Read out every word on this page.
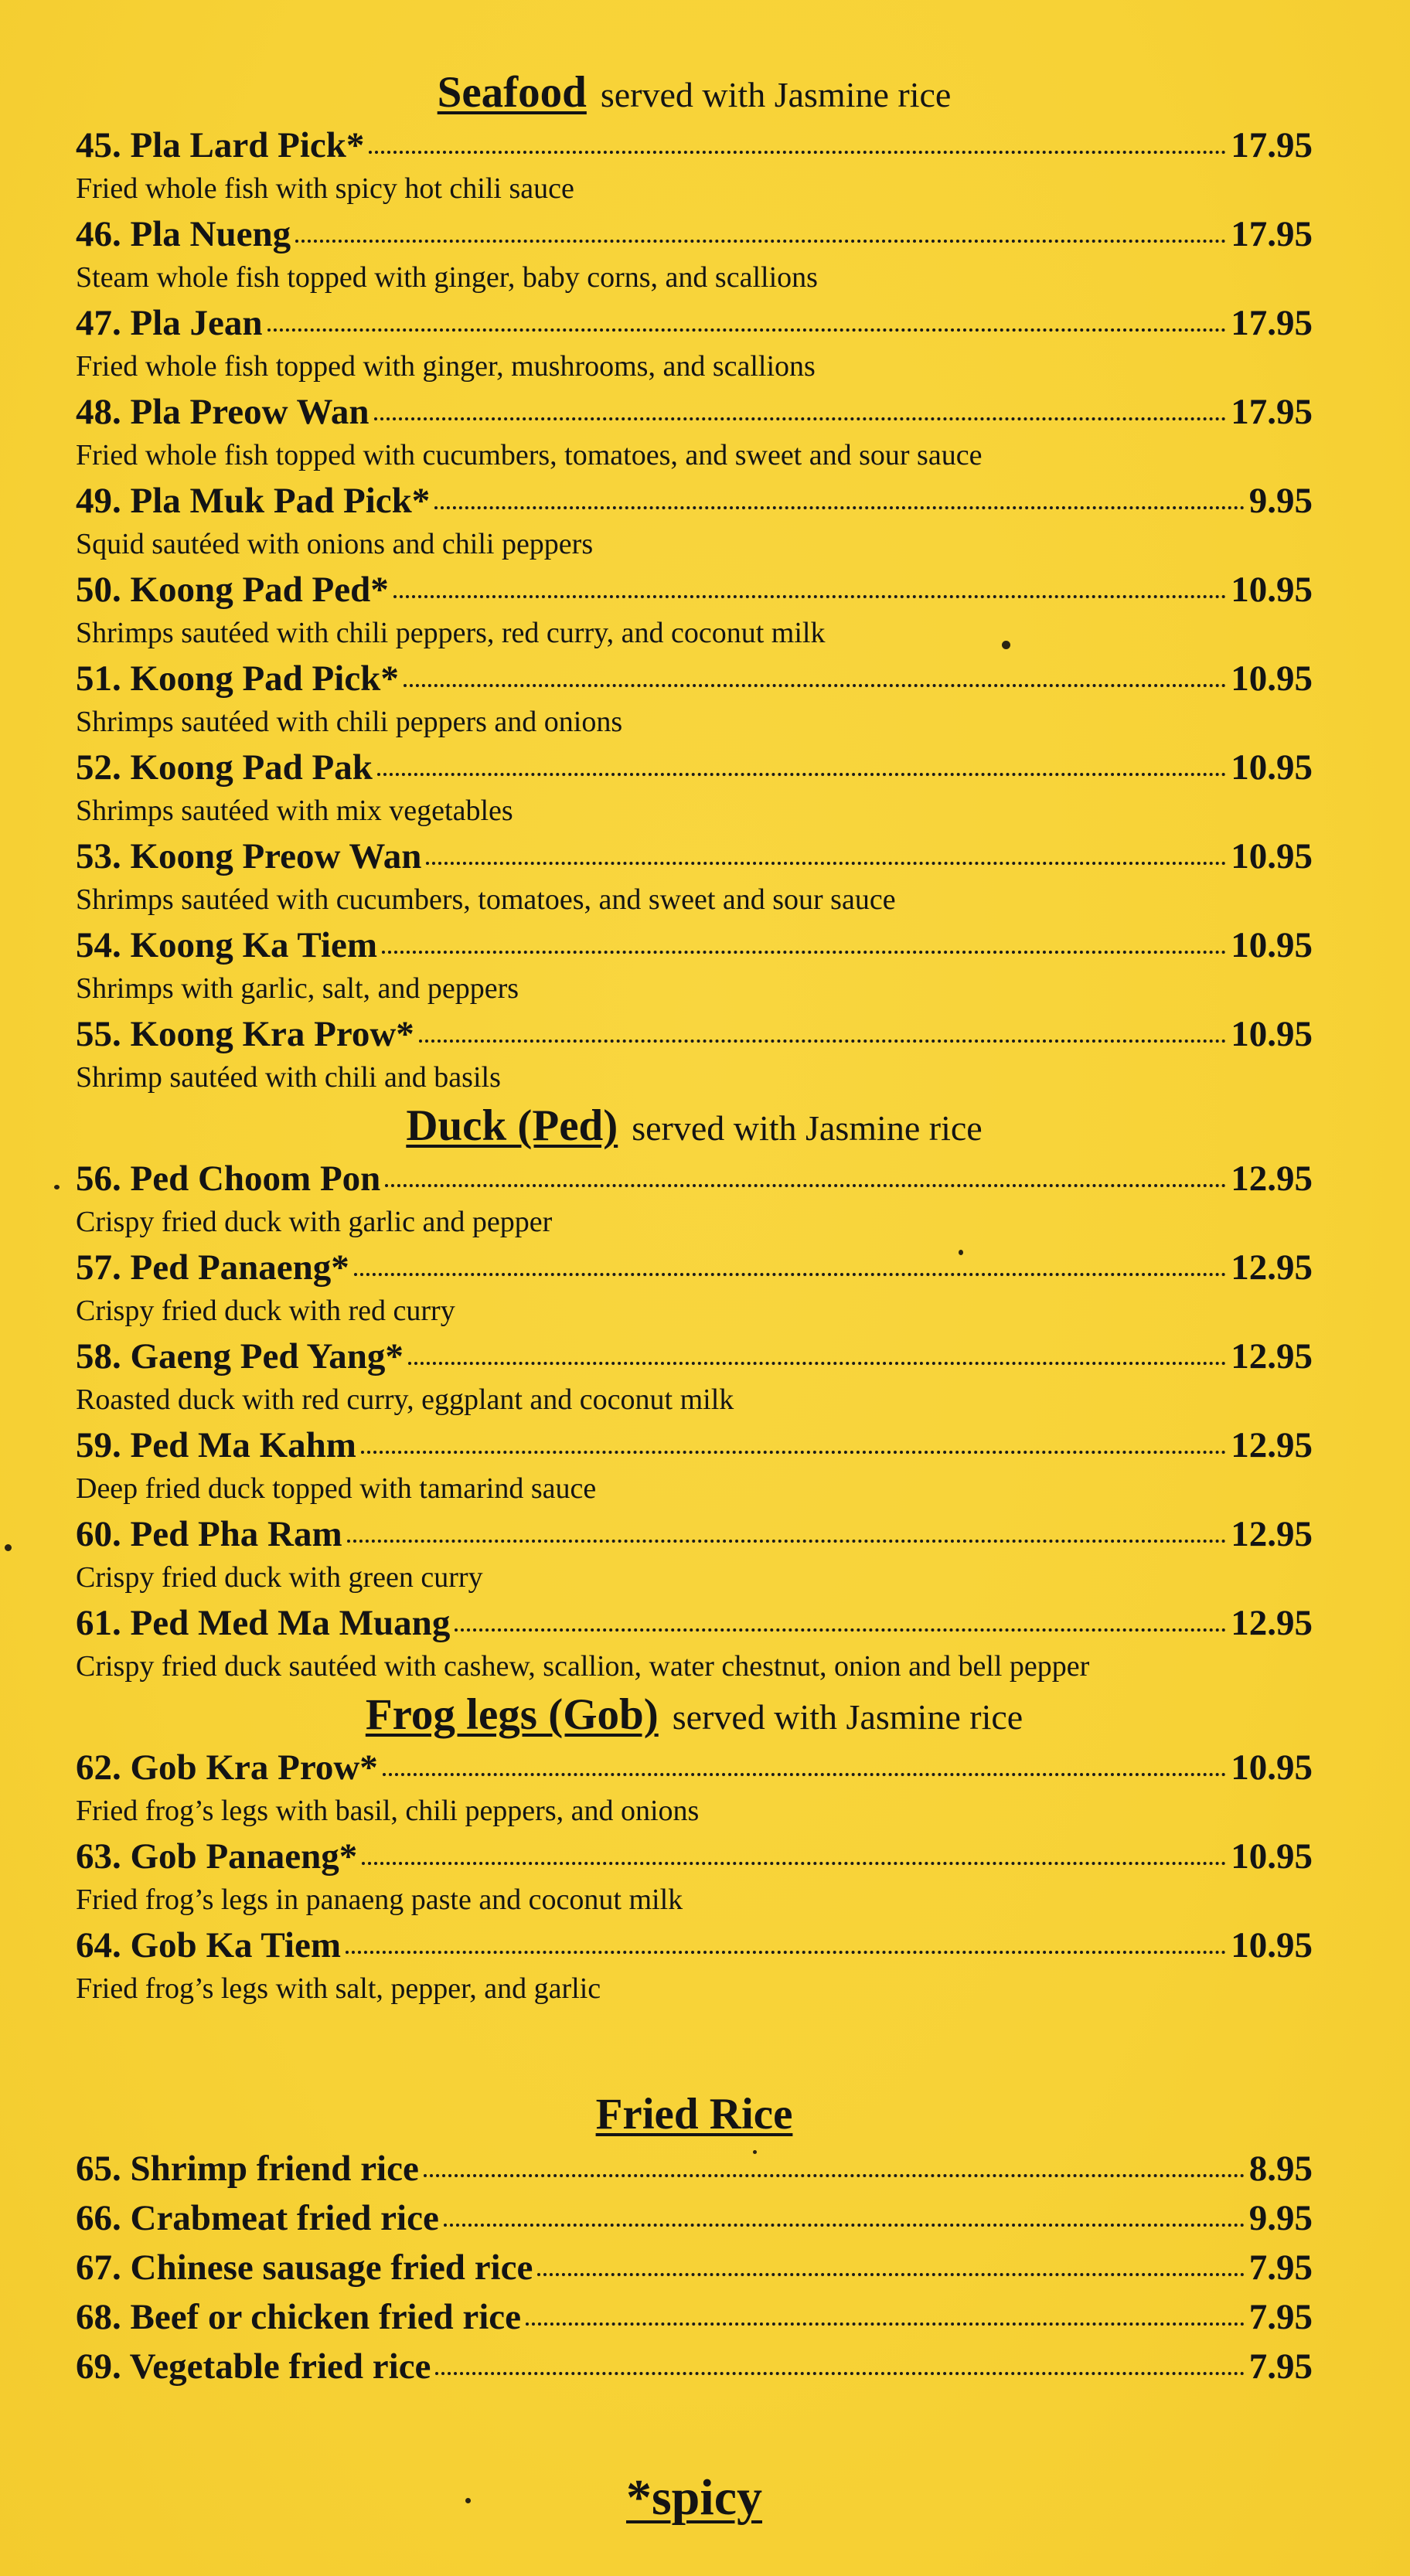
Seafood served with Jasmine rice
45. Pla Lard Pick*	17.95
Fried whole fish with spicy hot chili sauce
46. Pla Nueng	17.95
Steam whole fish topped with ginger, baby corns, and scallions
47. Pla Jean	17.95
Fried whole fish topped with ginger, mushrooms, and scallions
48. Pla Preow Wan	17.95
Fried whole fish topped with cucumbers, tomatoes, and sweet and sour sauce
49. Pla Muk Pad Pick*	9.95
Squid sautéed with onions and chili peppers
50. Koong Pad Ped*	10.95
Shrimps sautéed with chili peppers, red curry, and coconut milk
51. Koong Pad Pick*	10.95
Shrimps sautéed with chili peppers and onions
52. Koong Pad Pak	10.95
Shrimps sautéed with mix vegetables
53. Koong Preow Wan	10.95
Shrimps sautéed with cucumbers, tomatoes, and sweet and sour sauce
54. Koong Ka Tiem	10.95
Shrimps with garlic, salt, and peppers
55. Koong Kra Prow*	10.95
Shrimp sautéed with chili and basils
Duck (Ped) served with Jasmine rice
56. Ped Choom Pon	12.95
Crispy fried duck with garlic and pepper
57. Ped Panaeng*	12.95
Crispy fried duck with red curry
58. Gaeng Ped Yang*	12.95
Roasted duck with red curry, eggplant and coconut milk
59. Ped Ma Kahm	12.95
Deep fried duck topped with tamarind sauce
60. Ped Pha Ram	12.95
Crispy fried duck with green curry
61. Ped Med Ma Muang	12.95
Crispy fried duck sautéed with cashew, scallion, water chestnut, onion and bell pepper
Frog legs (Gob) served with Jasmine rice
62. Gob Kra Prow*	10.95
Fried frog’s legs with basil, chili peppers, and onions
63. Gob Panaeng*	10.95
Fried frog’s legs in panaeng paste and coconut milk
64. Gob Ka Tiem	10.95
Fried frog’s legs with salt, pepper, and garlic
Fried Rice
65. Shrimp friend rice	8.95
66. Crabmeat fried rice	9.95
67. Chinese sausage fried rice	7.95
68. Beef or chicken fried rice	7.95
69. Vegetable fried rice	7.95
*spicy
